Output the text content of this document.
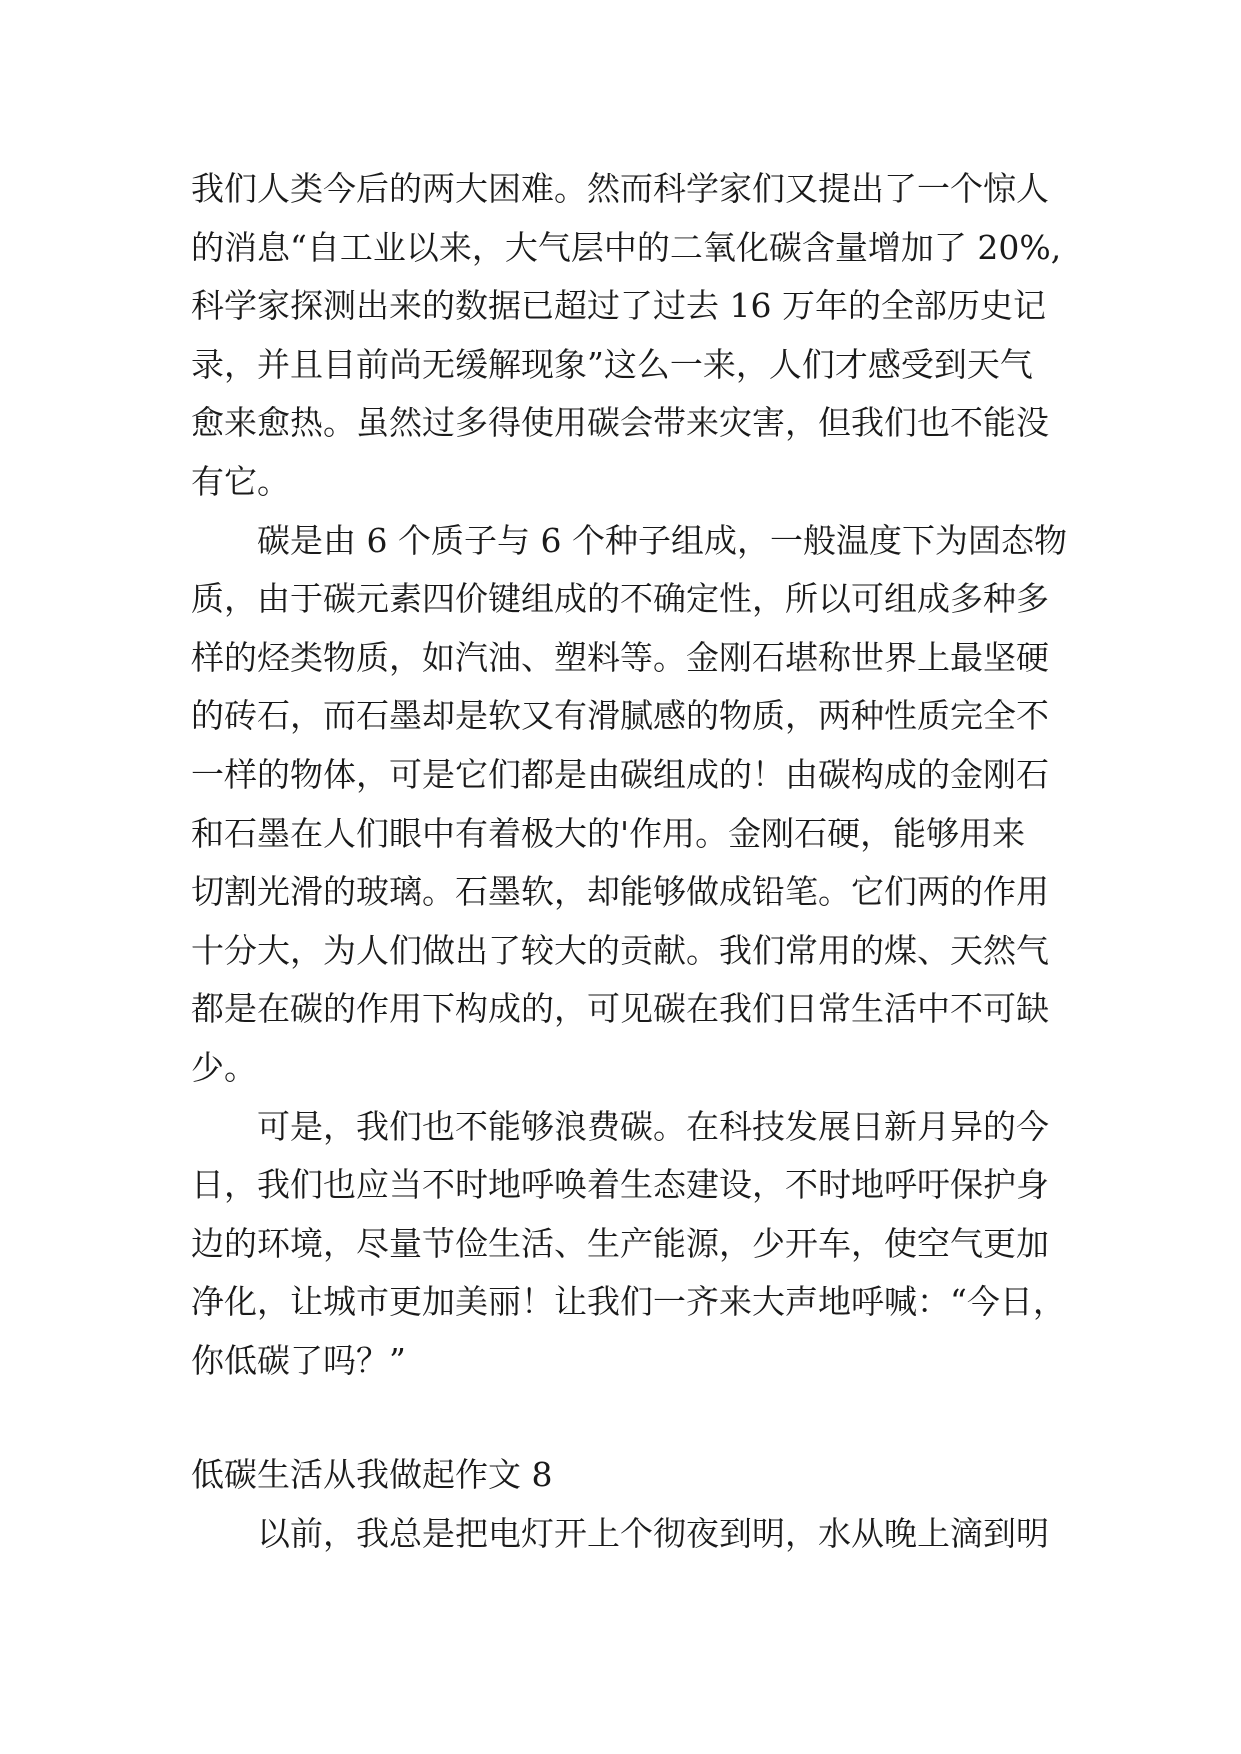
我们人类今后的两大困难。然而科学家们又提出了一个惊人
的消息“自工业以来，大气层中的二氧化碳含量增加了 20%,
科学家探测出来的数据已超过了过去 16 万年的全部历史记
录，并且目前尚无缓解现象”这么一来，人们才感受到天气
愈来愈热。虽然过多得使用碳会带来灾害，但我们也不能没
有它。
碳是由 6 个质子与 6 个种子组成，一般温度下为固态物
质，由于碳元素四价键组成的不确定性，所以可组成多种多
样的烃类物质，如汽油、塑料等。金刚石堪称世界上最坚硬
的砖石，而石墨却是软又有滑腻感的物质，两种性质完全不
一样的物体，可是它们都是由碳组成的！由碳构成的金刚石
和石墨在人们眼中有着极大的'作用。金刚石硬，能够用来
切割光滑的玻璃。石墨软，却能够做成铅笔。它们两的作用
十分大，为人们做出了较大的贡献。我们常用的煤、天然气
都是在碳的作用下构成的，可见碳在我们日常生活中不可缺
少。
可是，我们也不能够浪费碳。在科技发展日新月异的今
日，我们也应当不时地呼唤着生态建设，不时地呼吁保护身
边的环境，尽量节俭生活、生产能源，少开车，使空气更加
净化，让城市更加美丽！让我们一齐来大声地呼喊：“今日，
你低碳了吗？”
低碳生活从我做起作文 8
以前，我总是把电灯开上个彻夜到明，水从晚上滴到明
